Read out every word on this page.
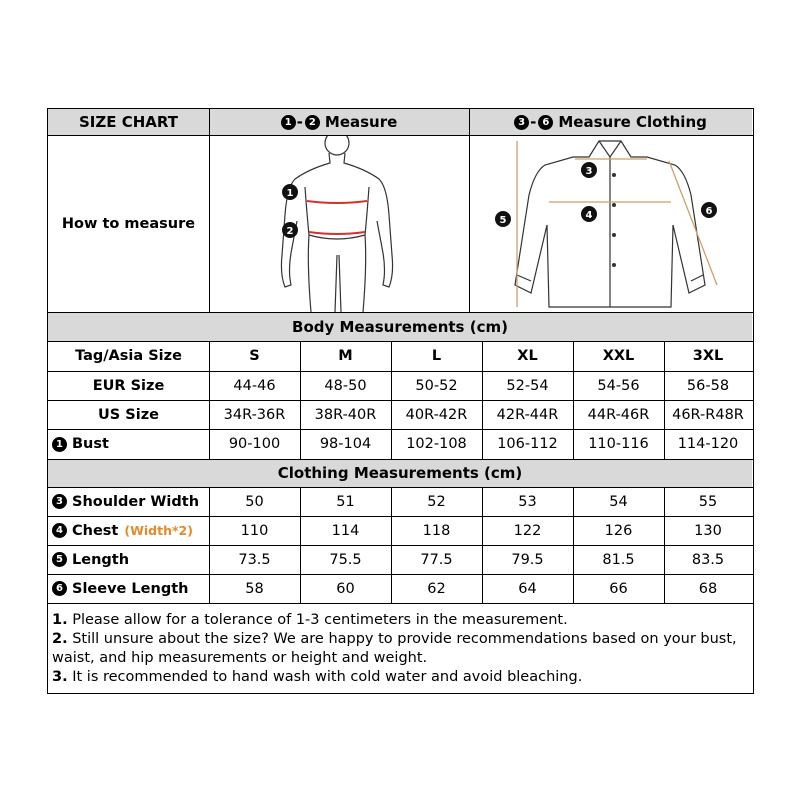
SIZE CHART	1 - 2 Measure	3 - 6 Measure Clothing
How to measure
1
2
3
4
5
6
Body Measurements (cm)
Tag/Asia Size	S	M	L	XL	XXL	3XL
EUR Size	44-46	48-50	50-52	52-54	54-56	56-58
US Size	34R-36R	38R-40R	40R-42R	42R-44R	44R-46R	46R-R48R
1 Bust	90-100	98-104	102-108	106-112	110-116	114-120
Clothing Measurements (cm)
3 Shoulder Width	50	51	52	53	54	55
4 Chest (Width*2)	110	114	118	122	126	130
5 Length	73.5	75.5	77.5	79.5	81.5	83.5
6 Sleeve Length	58	60	62	64	66	68
1. Please allow for a tolerance of 1-3 centimeters in the measurement.
2. Still unsure about the size? We are happy to provide recommendations based on your bust, waist, and hip measurements or height and weight.
3. It is recommended to hand wash with cold water and avoid bleaching.
